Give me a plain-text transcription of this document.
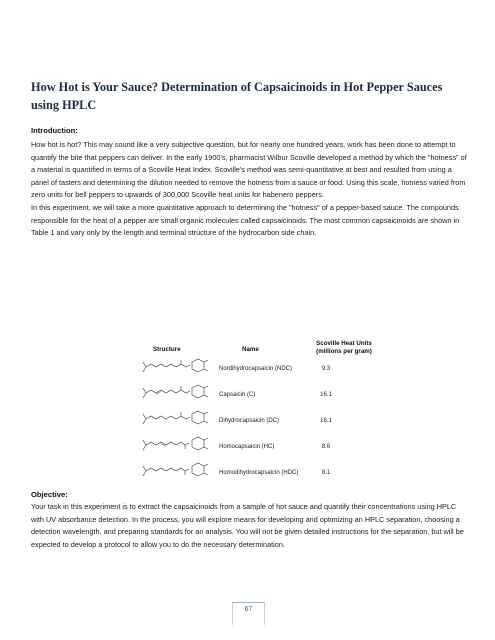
How Hot is Your Sauce? Determination of Capsaicinoids in Hot Pepper Sauces using HPLC
Introduction:

How hot is hot? This may sound like a very subjective question, but for nearly one hundred years, work has been done to attempt to quantify the bite that peppers can deliver. In the early 1900's, pharmacist Wilbur Scoville developed a method by which the "hotness" of a material is quantified in terms of a Scoville Heat Index. Scoville's method was semi-quantitative at best and resulted from using a panel of tasters and determining the dilution needed to remove the hotness from a sauce or food. Using this scale, hotness varied from zero units for bell peppers to upwards of 300,000 Scoville heat units for habenero peppers.

In this experiment, we will take a more quantitative approach to determining the "hotness" of a pepper-based sauce. The compounds responsible for the heat of a pepper are small organic molecules called capsaicinoids. The most common capsaicinoids are shown in Table 1 and vary only by the length and terminal structure of the hydrocarbon side chain.

Structure	Name
Scoville Heat Units (millions per gram)
Nordihydrocapsaicin (NDC)	9.3
Capsaicin (C)	16.1
Dihydrocapsaicin (DC)	16.1
Homocapsaicin (HC)	8.6
Homodihydrocapsaicin (HDC)	8.1
Objective:
Your task in this experiment is to extract the capsaicinoids from a sample of hot sauce and quantify their concentrations using HPLC with UV absorbance detection. In the process, you will explore means for developing and optimizing an HPLC separation, choosing a detection wavelength, and preparing standards for an analysis. You will not be given detailed instructions for the separation, but will be expected to develop a protocol to allow you to do the necessary determination.
67
